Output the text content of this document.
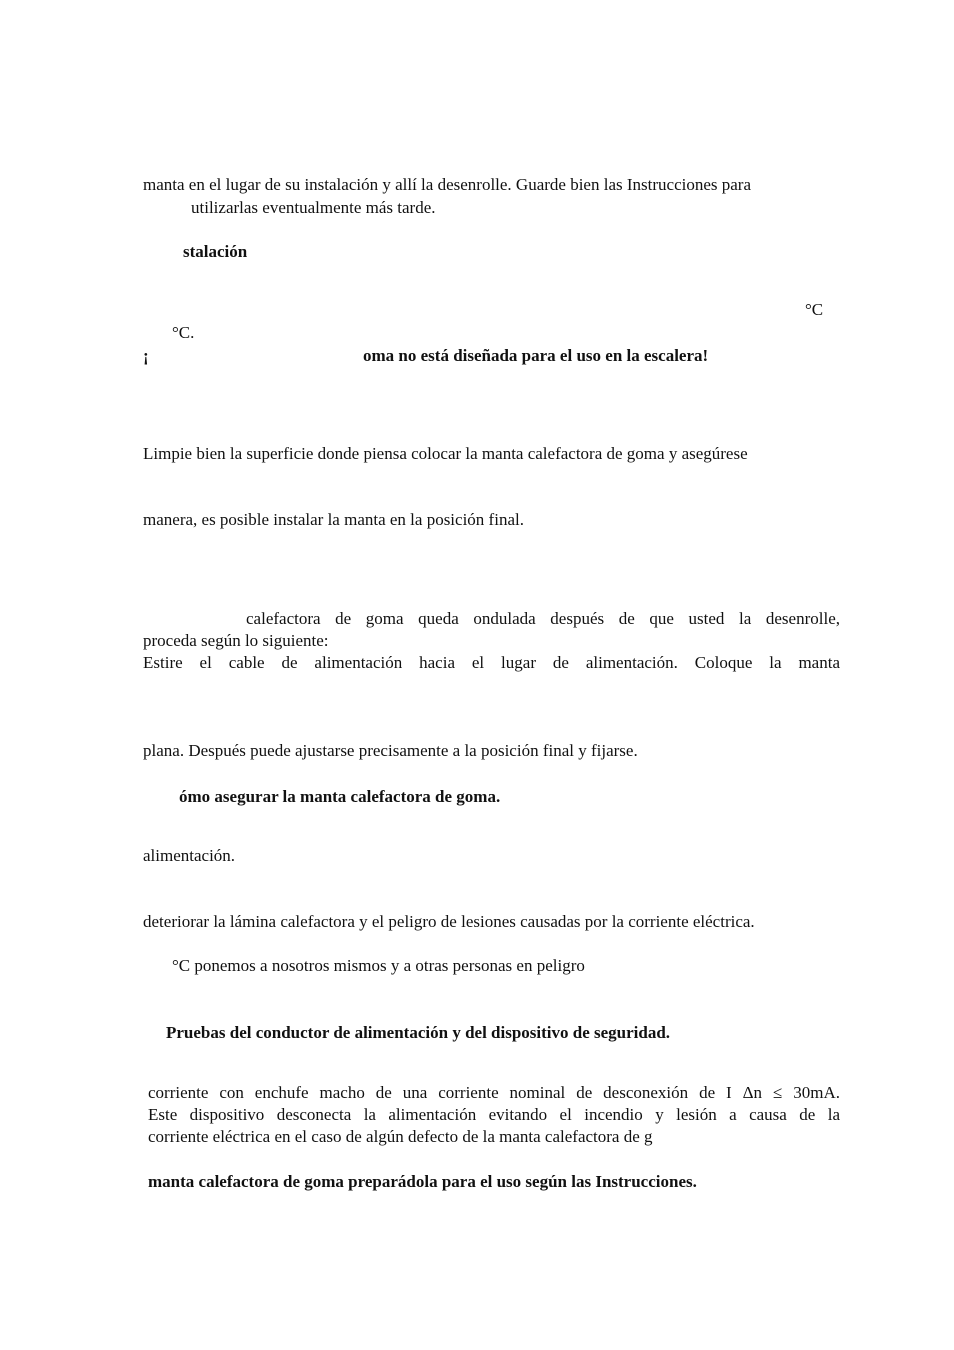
manta en el lugar de su instalación y allí la desenrolle. Guarde bien las Instrucciones para
utilizarlas eventualmente más tarde.
stalación
°C
°C.
¡	oma no está diseñada para el uso en la escalera!
Limpie bien la superficie donde piensa colocar la manta calefactora de goma y asegúrese
manera, es posible instalar la manta en la posición final.
calefactora de goma queda ondulada después de que usted la desenrolle,
proceda según lo siguiente:
Estire el cable de alimentación hacia el lugar de alimentación. Coloque la manta
plana. Después puede ajustarse precisamente a la posición final y fijarse.
ómo asegurar la manta calefactora de goma.
alimentación.
deteriorar la lámina calefactora y el peligro de lesiones causadas por la corriente eléctrica.
°C ponemos a nosotros mismos y a otras personas en peligro
Pruebas del conductor de alimentación y del dispositivo de seguridad.
corriente con enchufe macho de una corriente nominal de desconexión de I Δn ≤ 30mA.
Este dispositivo desconecta la alimentación evitando el incendio y lesión a causa de la
corriente eléctrica en el caso de algún defecto de la manta calefactora de g
manta calefactora de goma preparádola para el uso según las Instrucciones.
